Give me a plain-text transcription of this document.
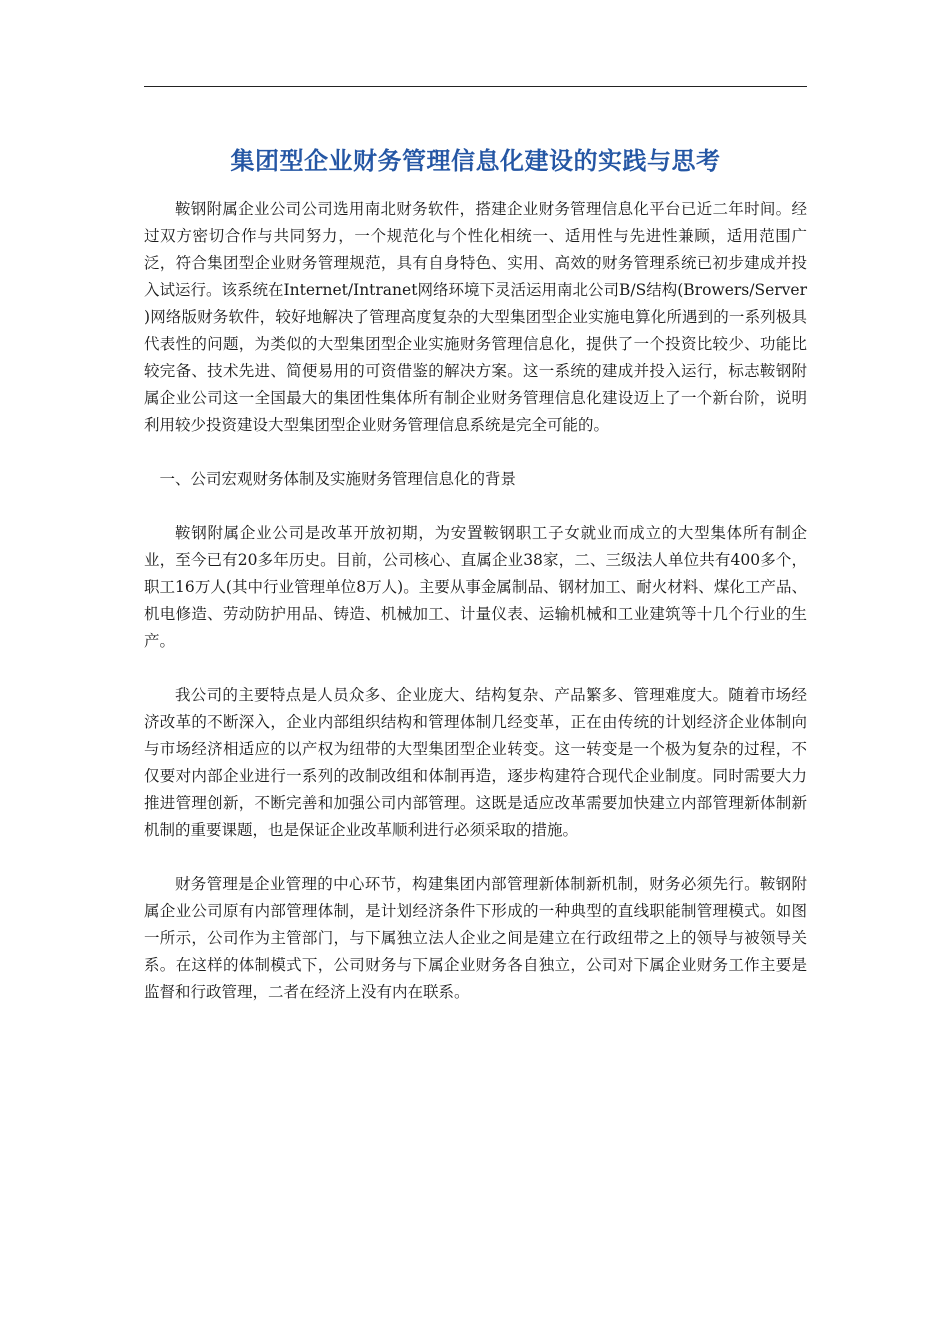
集团型企业财务管理信息化建设的实践与思考

鞍钢附属企业公司公司选用南北财务软件，搭建企业财务管理信息化平台已近二年时间。经过双方密切合作与共同努力，一个规范化与个性化相统一、适用性与先进性兼顾，适用范围广泛，符合集团型企业财务管理规范，具有自身特色、实用、高效的财务管理系统已初步建成并投入试运行。该系统在Internet/Intranet网络环境下灵活运用南北公司B/S结构(Browers/Server )网络版财务软件，较好地解决了管理高度复杂的大型集团型企业实施电算化所遇到的一系列极具代表性的问题，为类似的大型集团型企业实施财务管理信息化，提供了一个投资比较少、功能比较完备、技术先进、简便易用的可资借鉴的解决方案。这一系统的建成并投入运行，标志鞍钢附属企业公司这一全国最大的集团性集体所有制企业财务管理信息化建设迈上了一个新台阶，说明利用较少投资建设大型集团型企业财务管理信息系统是完全可能的。

一、公司宏观财务体制及实施财务管理信息化的背景

鞍钢附属企业公司是改革开放初期，为安置鞍钢职工子女就业而成立的大型集体所有制企业，至今已有20多年历史。目前，公司核心、直属企业38家，二、三级法人单位共有400多个，职工16万人(其中行业管理单位8万人)。主要从事金属制品、钢材加工、耐火材料、煤化工产品、机电修造、劳动防护用品、铸造、机械加工、计量仪表、运输机械和工业建筑等十几个行业的生产。

我公司的主要特点是人员众多、企业庞大、结构复杂、产品繁多、管理难度大。随着市场经济改革的不断深入，企业内部组织结构和管理体制几经变革，正在由传统的计划经济企业体制向与市场经济相适应的以产权为纽带的大型集团型企业转变。这一转变是一个极为复杂的过程，不仅要对内部企业进行一系列的改制改组和体制再造，逐步构建符合现代企业制度。同时需要大力推进管理创新，不断完善和加强公司内部管理。这既是适应改革需要加快建立内部管理新体制新机制的重要课题，也是保证企业改革顺利进行必须采取的措施。

财务管理是企业管理的中心环节，构建集团内部管理新体制新机制，财务必须先行。鞍钢附属企业公司原有内部管理体制，是计划经济条件下形成的一种典型的直线职能制管理模式。如图一所示，公司作为主管部门，与下属独立法人企业之间是建立在行政纽带之上的领导与被领导关系。在这样的体制模式下，公司财务与下属企业财务各自独立，公司对下属企业财务工作主要是监督和行政管理，二者在经济上没有内在联系。
